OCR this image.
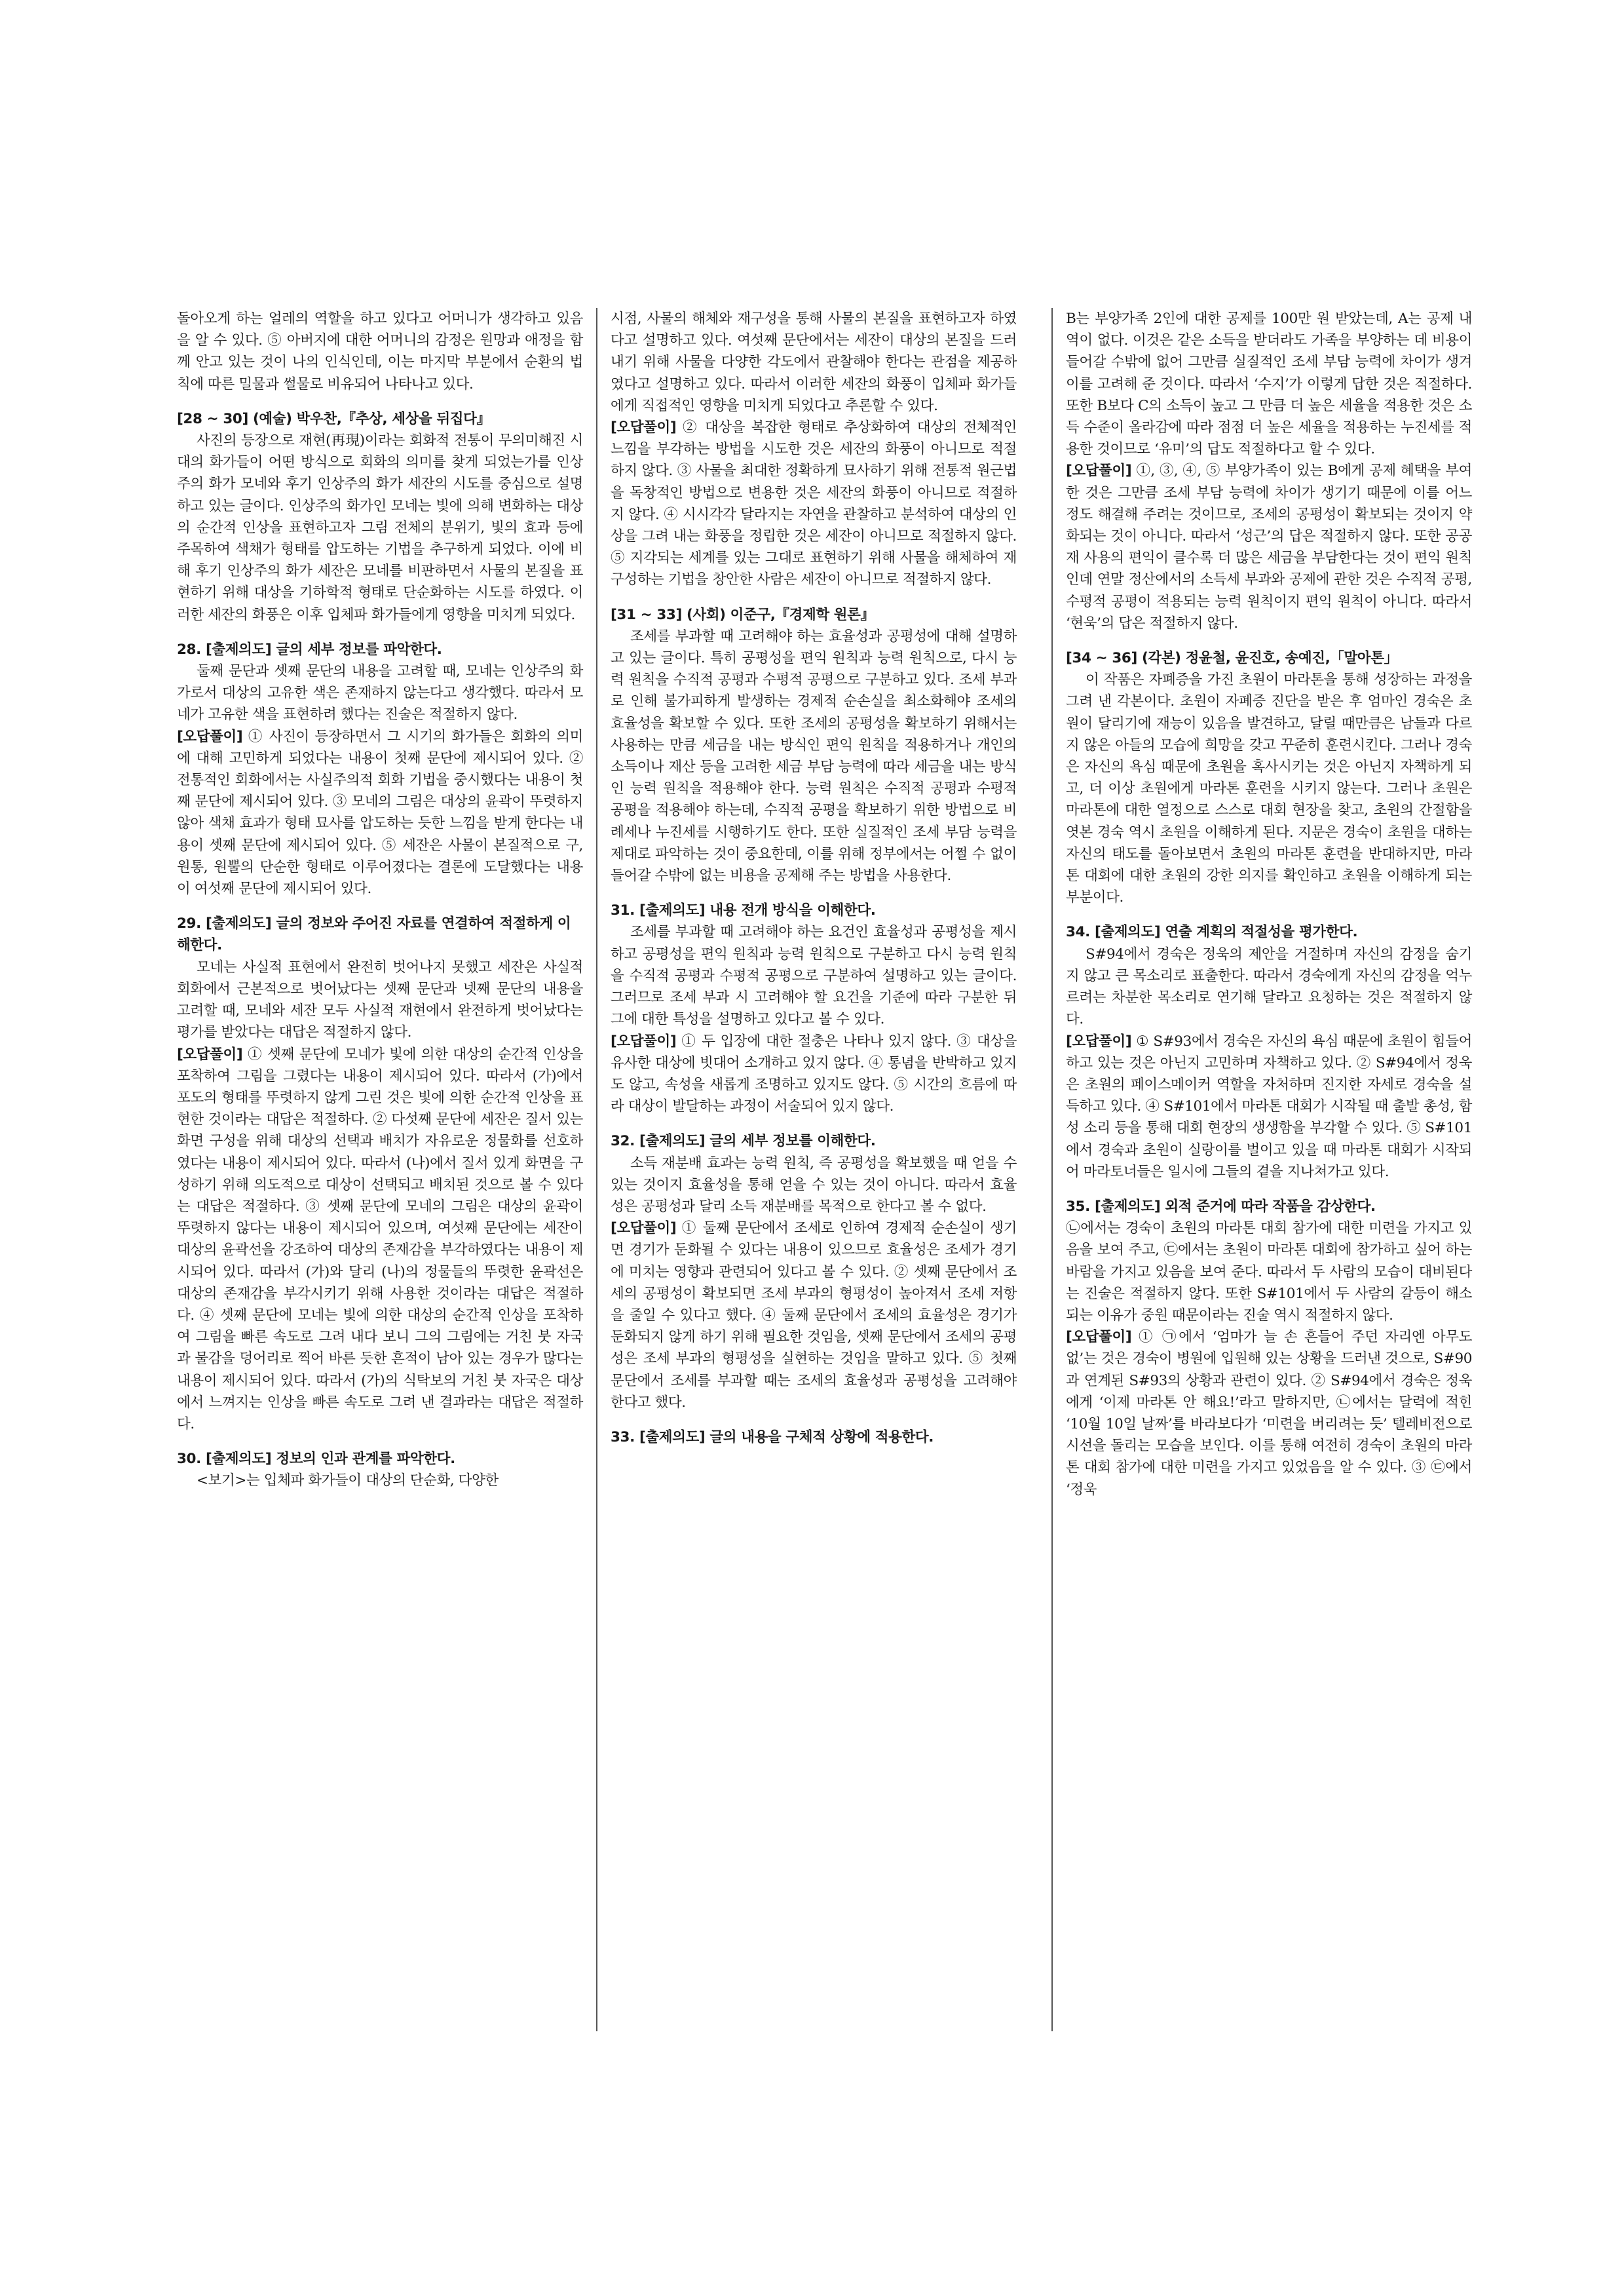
돌아오게 하는 얼레의 역할을 하고 있다고 어머니가 생각하고 있음을 알 수 있다. ⑤ 아버지에 대한 어머니의 감정은 원망과 애정을 함께 안고 있는 것이 나의 인식인데, 이는 마지막 부분에서 순환의 법칙에 따른 밀물과 썰물로 비유되어 나타나고 있다.

[28 ~ 30] (예술) 박우찬,『추상, 세상을 뒤집다』

사진의 등장으로 재현(再現)이라는 회화적 전통이 무의미해진 시대의 화가들이 어떤 방식으로 회화의 의미를 찾게 되었는가를 인상주의 화가 모네와 후기 인상주의 화가 세잔의 시도를 중심으로 설명하고 있는 글이다. 인상주의 화가인 모네는 빛에 의해 변화하는 대상의 순간적 인상을 표현하고자 그림 전체의 분위기, 빛의 효과 등에 주목하여 색채가 형태를 압도하는 기법을 추구하게 되었다. 이에 비해 후기 인상주의 화가 세잔은 모네를 비판하면서 사물의 본질을 표현하기 위해 대상을 기하학적 형태로 단순화하는 시도를 하였다. 이러한 세잔의 화풍은 이후 입체파 화가들에게 영향을 미치게 되었다.

28. [출제의도] 글의 세부 정보를 파악한다.

둘째 문단과 셋째 문단의 내용을 고려할 때, 모네는 인상주의 화가로서 대상의 고유한 색은 존재하지 않는다고 생각했다. 따라서 모네가 고유한 색을 표현하려 했다는 진술은 적절하지 않다.

[오답풀이] ① 사진이 등장하면서 그 시기의 화가들은 회화의 의미에 대해 고민하게 되었다는 내용이 첫째 문단에 제시되어 있다. ② 전통적인 회화에서는 사실주의적 회화 기법을 중시했다는 내용이 첫째 문단에 제시되어 있다. ③ 모네의 그림은 대상의 윤곽이 뚜렷하지 않아 색채 효과가 형태 묘사를 압도하는 듯한 느낌을 받게 한다는 내용이 셋째 문단에 제시되어 있다. ⑤ 세잔은 사물이 본질적으로 구, 원통, 원뿔의 단순한 형태로 이루어졌다는 결론에 도달했다는 내용이 여섯째 문단에 제시되어 있다.

29. [출제의도] 글의 정보와 주어진 자료를 연결하여 적절하게 이해한다.

모네는 사실적 표현에서 완전히 벗어나지 못했고 세잔은 사실적 회화에서 근본적으로 벗어났다는 셋째 문단과 넷째 문단의 내용을 고려할 때, 모네와 세잔 모두 사실적 재현에서 완전하게 벗어났다는 평가를 받았다는 대답은 적절하지 않다.

[오답풀이] ① 셋째 문단에 모네가 빛에 의한 대상의 순간적 인상을 포착하여 그림을 그렸다는 내용이 제시되어 있다. 따라서 (가)에서 포도의 형태를 뚜렷하지 않게 그린 것은 빛에 의한 순간적 인상을 표현한 것이라는 대답은 적절하다. ② 다섯째 문단에 세잔은 질서 있는 화면 구성을 위해 대상의 선택과 배치가 자유로운 정물화를 선호하였다는 내용이 제시되어 있다. 따라서 (나)에서 질서 있게 화면을 구성하기 위해 의도적으로 대상이 선택되고 배치된 것으로 볼 수 있다는 대답은 적절하다. ③ 셋째 문단에 모네의 그림은 대상의 윤곽이 뚜렷하지 않다는 내용이 제시되어 있으며, 여섯째 문단에는 세잔이 대상의 윤곽선을 강조하여 대상의 존재감을 부각하였다는 내용이 제시되어 있다. 따라서 (가)와 달리 (나)의 정물들의 뚜렷한 윤곽선은 대상의 존재감을 부각시키기 위해 사용한 것이라는 대답은 적절하다. ④ 셋째 문단에 모네는 빛에 의한 대상의 순간적 인상을 포착하여 그림을 빠른 속도로 그려 내다 보니 그의 그림에는 거친 붓 자국과 물감을 덩어리로 찍어 바른 듯한 흔적이 남아 있는 경우가 많다는 내용이 제시되어 있다. 따라서 (가)의 식탁보의 거친 붓 자국은 대상에서 느껴지는 인상을 빠른 속도로 그려 낸 결과라는 대답은 적절하다.

30. [출제의도] 정보의 인과 관계를 파악한다.

<보기>는 입체파 화가들이 대상의 단순화, 다양한

시점, 사물의 해체와 재구성을 통해 사물의 본질을 표현하고자 하였다고 설명하고 있다. 여섯째 문단에서는 세잔이 대상의 본질을 드러내기 위해 사물을 다양한 각도에서 관찰해야 한다는 관점을 제공하였다고 설명하고 있다. 따라서 이러한 세잔의 화풍이 입체파 화가들에게 직접적인 영향을 미치게 되었다고 추론할 수 있다.

[오답풀이] ② 대상을 복잡한 형태로 추상화하여 대상의 전체적인 느낌을 부각하는 방법을 시도한 것은 세잔의 화풍이 아니므로 적절하지 않다. ③ 사물을 최대한 정확하게 묘사하기 위해 전통적 원근법을 독창적인 방법으로 변용한 것은 세잔의 화풍이 아니므로 적절하지 않다. ④ 시시각각 달라지는 자연을 관찰하고 분석하여 대상의 인상을 그려 내는 화풍을 정립한 것은 세잔이 아니므로 적절하지 않다. ⑤ 지각되는 세계를 있는 그대로 표현하기 위해 사물을 해체하여 재구성하는 기법을 창안한 사람은 세잔이 아니므로 적절하지 않다.

[31 ~ 33] (사회) 이준구,『경제학 원론』

조세를 부과할 때 고려해야 하는 효율성과 공평성에 대해 설명하고 있는 글이다. 특히 공평성을 편익 원칙과 능력 원칙으로, 다시 능력 원칙을 수직적 공평과 수평적 공평으로 구분하고 있다. 조세 부과로 인해 불가피하게 발생하는 경제적 순손실을 최소화해야 조세의 효율성을 확보할 수 있다. 또한 조세의 공평성을 확보하기 위해서는 사용하는 만큼 세금을 내는 방식인 편익 원칙을 적용하거나 개인의 소득이나 재산 등을 고려한 세금 부담 능력에 따라 세금을 내는 방식인 능력 원칙을 적용해야 한다. 능력 원칙은 수직적 공평과 수평적 공평을 적용해야 하는데, 수직적 공평을 확보하기 위한 방법으로 비례세나 누진세를 시행하기도 한다. 또한 실질적인 조세 부담 능력을 제대로 파악하는 것이 중요한데, 이를 위해 정부에서는 어쩔 수 없이 들어갈 수밖에 없는 비용을 공제해 주는 방법을 사용한다.

31. [출제의도] 내용 전개 방식을 이해한다.

조세를 부과할 때 고려해야 하는 요건인 효율성과 공평성을 제시하고 공평성을 편익 원칙과 능력 원칙으로 구분하고 다시 능력 원칙을 수직적 공평과 수평적 공평으로 구분하여 설명하고 있는 글이다. 그러므로 조세 부과 시 고려해야 할 요건을 기준에 따라 구분한 뒤 그에 대한 특성을 설명하고 있다고 볼 수 있다.

[오답풀이] ① 두 입장에 대한 절충은 나타나 있지 않다. ③ 대상을 유사한 대상에 빗대어 소개하고 있지 않다. ④ 통념을 반박하고 있지도 않고, 속성을 새롭게 조명하고 있지도 않다. ⑤ 시간의 흐름에 따라 대상이 발달하는 과정이 서술되어 있지 않다.

32. [출제의도] 글의 세부 정보를 이해한다.

소득 재분배 효과는 능력 원칙, 즉 공평성을 확보했을 때 얻을 수 있는 것이지 효율성을 통해 얻을 수 있는 것이 아니다. 따라서 효율성은 공평성과 달리 소득 재분배를 목적으로 한다고 볼 수 없다.

[오답풀이] ① 둘째 문단에서 조세로 인하여 경제적 순손실이 생기면 경기가 둔화될 수 있다는 내용이 있으므로 효율성은 조세가 경기에 미치는 영향과 관련되어 있다고 볼 수 있다. ② 셋째 문단에서 조세의 공평성이 확보되면 조세 부과의 형평성이 높아져서 조세 저항을 줄일 수 있다고 했다. ④ 둘째 문단에서 조세의 효율성은 경기가 둔화되지 않게 하기 위해 필요한 것임을, 셋째 문단에서 조세의 공평성은 조세 부과의 형평성을 실현하는 것임을 말하고 있다. ⑤ 첫째 문단에서 조세를 부과할 때는 조세의 효율성과 공평성을 고려해야 한다고 했다.

33. [출제의도] 글의 내용을 구체적 상황에 적용한다.

B는 부양가족 2인에 대한 공제를 100만 원 받았는데, A는 공제 내역이 없다. 이것은 같은 소득을 받더라도 가족을 부양하는 데 비용이 들어갈 수밖에 없어 그만큼 실질적인 조세 부담 능력에 차이가 생겨 이를 고려해 준 것이다. 따라서 ‘수지’가 이렇게 답한 것은 적절하다. 또한 B보다 C의 소득이 높고 그 만큼 더 높은 세율을 적용한 것은 소득 수준이 올라감에 따라 점점 더 높은 세율을 적용하는 누진세를 적용한 것이므로 ‘유미’의 답도 적절하다고 할 수 있다.

[오답풀이] ①, ③, ④, ⑤ 부양가족이 있는 B에게 공제 혜택을 부여한 것은 그만큼 조세 부담 능력에 차이가 생기기 때문에 이를 어느 정도 해결해 주려는 것이므로, 조세의 공평성이 확보되는 것이지 약화되는 것이 아니다. 따라서 ‘성근’의 답은 적절하지 않다. 또한 공공재 사용의 편익이 클수록 더 많은 세금을 부담한다는 것이 편익 원칙인데 연말 정산에서의 소득세 부과와 공제에 관한 것은 수직적 공평, 수평적 공평이 적용되는 능력 원칙이지 편익 원칙이 아니다. 따라서 ‘현욱’의 답은 적절하지 않다.

[34 ~ 36] (각본) 정윤철, 윤진호, 송예진,「말아톤」

이 작품은 자폐증을 가진 초원이 마라톤을 통해 성장하는 과정을 그려 낸 각본이다. 초원이 자폐증 진단을 받은 후 엄마인 경숙은 초원이 달리기에 재능이 있음을 발견하고, 달릴 때만큼은 남들과 다르지 않은 아들의 모습에 희망을 갖고 꾸준히 훈련시킨다. 그러나 경숙은 자신의 욕심 때문에 초원을 혹사시키는 것은 아닌지 자책하게 되고, 더 이상 초원에게 마라톤 훈련을 시키지 않는다. 그러나 초원은 마라톤에 대한 열정으로 스스로 대회 현장을 찾고, 초원의 간절함을 엿본 경숙 역시 초원을 이해하게 된다. 지문은 경숙이 초원을 대하는 자신의 태도를 돌아보면서 초원의 마라톤 훈련을 반대하지만, 마라톤 대회에 대한 초원의 강한 의지를 확인하고 초원을 이해하게 되는 부분이다.

34. [출제의도] 연출 계획의 적절성을 평가한다.

S#94에서 경숙은 정욱의 제안을 거절하며 자신의 감정을 숨기지 않고 큰 목소리로 표출한다. 따라서 경숙에게 자신의 감정을 억누르려는 차분한 목소리로 연기해 달라고 요청하는 것은 적절하지 않다.

[오답풀이] ① S#93에서 경숙은 자신의 욕심 때문에 초원이 힘들어하고 있는 것은 아닌지 고민하며 자책하고 있다. ② S#94에서 정욱은 초원의 페이스메이커 역할을 자처하며 진지한 자세로 경숙을 설득하고 있다. ④ S#101에서 마라톤 대회가 시작될 때 출발 총성, 함성 소리 등을 통해 대회 현장의 생생함을 부각할 수 있다. ⑤ S#101에서 경숙과 초원이 실랑이를 벌이고 있을 때 마라톤 대회가 시작되어 마라토너들은 일시에 그들의 곁을 지나쳐가고 있다.

35. [출제의도] 외적 준거에 따라 작품을 감상한다.

㉡에서는 경숙이 초원의 마라톤 대회 참가에 대한 미련을 가지고 있음을 보여 주고, ㉢에서는 초원이 마라톤 대회에 참가하고 싶어 하는 바람을 가지고 있음을 보여 준다. 따라서 두 사람의 모습이 대비된다는 진술은 적절하지 않다. 또한 S#101에서 두 사람의 갈등이 해소되는 이유가 중원 때문이라는 진술 역시 적절하지 않다.

[오답풀이] ① ㉠에서 ‘엄마가 늘 손 흔들어 주던 자리엔 아무도 없’는 것은 경숙이 병원에 입원해 있는 상황을 드러낸 것으로, S#90과 연계된 S#93의 상황과 관련이 있다. ② S#94에서 경숙은 정욱에게 ‘이제 마라톤 안 해요!’라고 말하지만, ㉡에서는 달력에 적힌 ‘10월 10일 날짜’를 바라보다가 ‘미련을 버리려는 듯’ 텔레비전으로 시선을 돌리는 모습을 보인다. 이를 통해 여전히 경숙이 초원의 마라톤 대회 참가에 대한 미련을 가지고 있었음을 알 수 있다. ③ ㉢에서 ‘정욱
